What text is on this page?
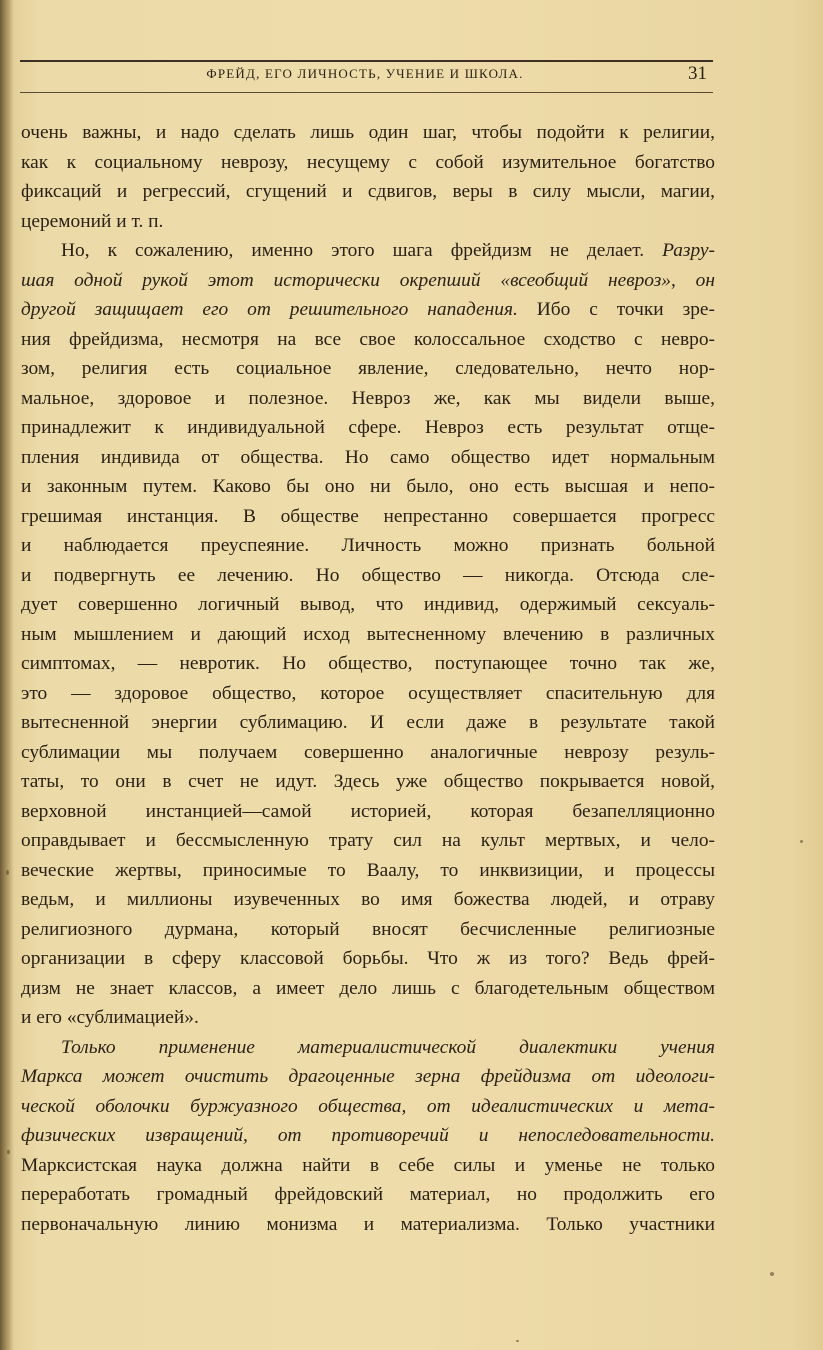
ФРЕЙД, ЕГО ЛИЧНОСТЬ, УЧЕНИЕ И ШКОЛА.	31

очень важны, и надо сделать лишь один шаг, чтобы подойти к религии,
как к социальному неврозу, несущему с собой изумительное богатство
фиксаций и регрессий, сгущений и сдвигов, веры в силу мысли, магии,
церемоний и т. п.

Но, к сожалению, именно этого шага фрейдизм не делает. Разру-
шая одной рукой этот исторически окрепший «всеобщий невроз», он
другой защищает его от решительного нападения. Ибо с точки зре-
ния фрейдизма, несмотря на все свое колоссальное сходство с невро-
зом, религия есть социальное явление, следовательно, нечто нор-
мальное, здоровое и полезное. Невроз же, как мы видели выше,
принадлежит к индивидуальной сфере. Невроз есть результат отще-
пления индивида от общества. Но само общество идет нормальным
и законным путем. Каково бы оно ни было, оно есть высшая и непо-
грешимая инстанция. В обществе непрестанно совершается прогресс
и наблюдается преуспеяние. Личность можно признать больной
и подвергнуть ее лечению. Но общество — никогда. Отсюда сле-
дует совершенно логичный вывод, что индивид, одержимый сексуаль-
ным мышлением и дающий исход вытесненному влечению в различных
симптомах, — невротик. Но общество, поступающее точно так же,
это — здоровое общество, которое осуществляет спасительную для
вытесненной энергии сублимацию. И если даже в результате такой
сублимации мы получаем совершенно аналогичные неврозу резуль-
таты, то они в счет не идут. Здесь уже общество покрывается новой,
верховной инстанцией—самой историей, которая безапелляционно
оправдывает и бессмысленную трату сил на культ мертвых, и чело-
веческие жертвы, приносимые то Ваалу, то инквизиции, и процессы
ведьм, и миллионы изувеченных во имя божества людей, и отраву
религиозного дурмана, который вносят бесчисленные религиозные
организации в сферу классовой борьбы. Что ж из того? Ведь фрей-
дизм не знает классов, а имеет дело лишь с благодетельным обществом
и его «сублимацией».

Только применение материалистической диалектики учения
Маркса может очистить драгоценные зерна фрейдизма от идеологи-
ческой оболочки буржуазного общества, от идеалистических и мета-
физических извращений, от противоречий и непоследовательности.
Марксистская наука должна найти в себе силы и уменье не только
переработать громадный фрейдовский материал, но продолжить его
первоначальную линию монизма и материализма. Только участники
